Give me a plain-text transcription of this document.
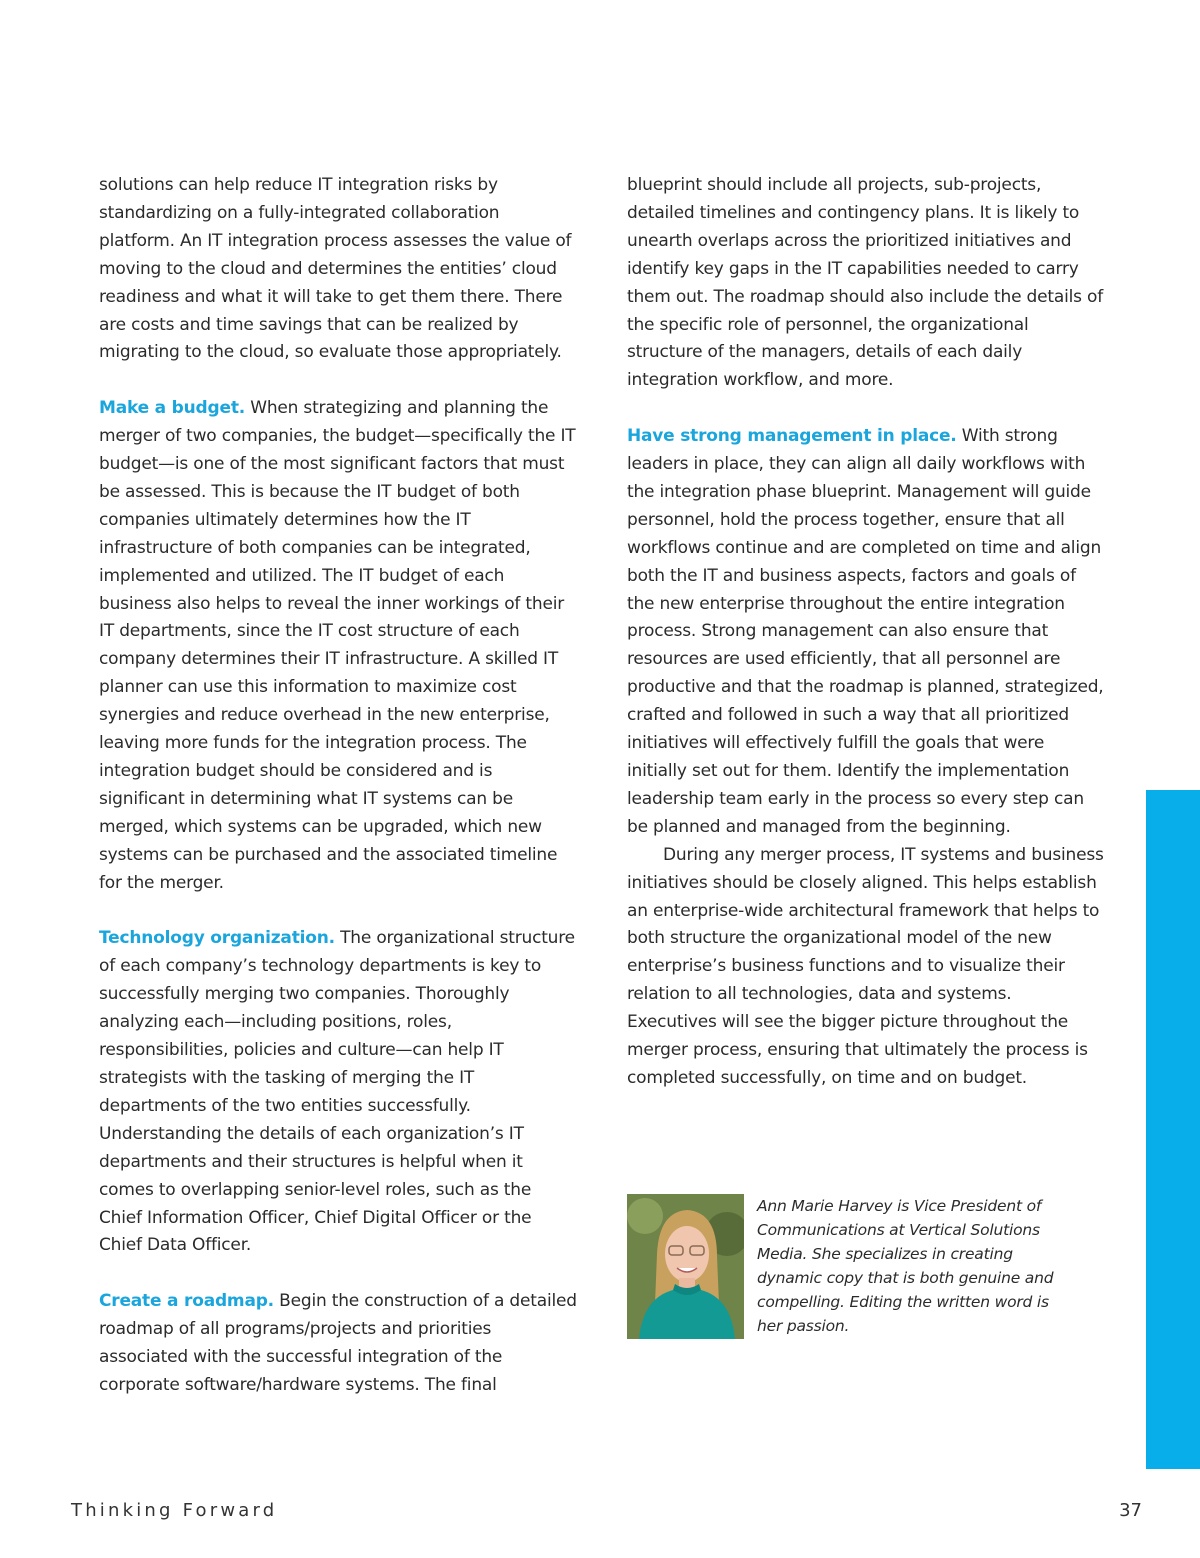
solutions can help reduce IT integration risks by standardizing on a fully-integrated collaboration platform. An IT integration process assesses the value of moving to the cloud and determines the entities’ cloud readiness and what it will take to get them there. There are costs and time savings that can be realized by migrating to the cloud, so evaluate those appropriately.

Make a budget. When strategizing and planning the merger of two companies, the budget—specifically the IT budget—is one of the most significant factors that must be assessed. This is because the IT budget of both companies ultimately determines how the IT infrastructure of both companies can be integrated, implemented and utilized. The IT budget of each business also helps to reveal the inner workings of their IT departments, since the IT cost structure of each company determines their IT infrastructure. A skilled IT planner can use this information to maximize cost synergies and reduce overhead in the new enterprise, leaving more funds for the integration process. The integration budget should be considered and is significant in determining what IT systems can be merged, which systems can be upgraded, which new systems can be purchased and the associated timeline for the merger.

Technology organization. The organizational structure of each company’s technology departments is key to successfully merging two companies. Thoroughly analyzing each—including positions, roles, responsibilities, policies and culture—can help IT strategists with the tasking of merging the IT departments of the two entities successfully. Understanding the details of each organization’s IT departments and their structures is helpful when it comes to overlapping senior-level roles, such as the Chief Information Officer, Chief Digital Officer or the Chief Data Officer.

Create a roadmap. Begin the construction of a detailed roadmap of all programs/projects and priorities associated with the successful integration of the corporate software/hardware systems. The final

blueprint should include all projects, sub-projects, detailed timelines and contingency plans. It is likely to unearth overlaps across the prioritized initiatives and identify key gaps in the IT capabilities needed to carry them out. The roadmap should also include the details of the specific role of personnel, the organizational structure of the managers, details of each daily integration workflow, and more.

Have strong management in place. With strong leaders in place, they can align all daily workflows with the integration phase blueprint. Management will guide personnel, hold the process together, ensure that all workflows continue and are completed on time and align both the IT and business aspects, factors and goals of the new enterprise throughout the entire integration process. Strong management can also ensure that resources are used efficiently, that all personnel are productive and that the roadmap is planned, strategized, crafted and followed in such a way that all prioritized initiatives will effectively fulfill the goals that were initially set out for them. Identify the implementation leadership team early in the process so every step can be planned and managed from the beginning.

During any merger process, IT systems and business initiatives should be closely aligned. This helps establish an enterprise-wide architectural framework that helps to both structure the organizational model of the new enterprise’s business functions and to visualize their relation to all technologies, data and systems. Executives will see the bigger picture throughout the merger process, ensuring that ultimately the process is completed successfully, on time and on budget.

Ann Marie Harvey is Vice President of Communications at Vertical Solutions Media. She specializes in creating dynamic copy that is both genuine and compelling. Editing the written word is her passion.
Thinking Forward	37
